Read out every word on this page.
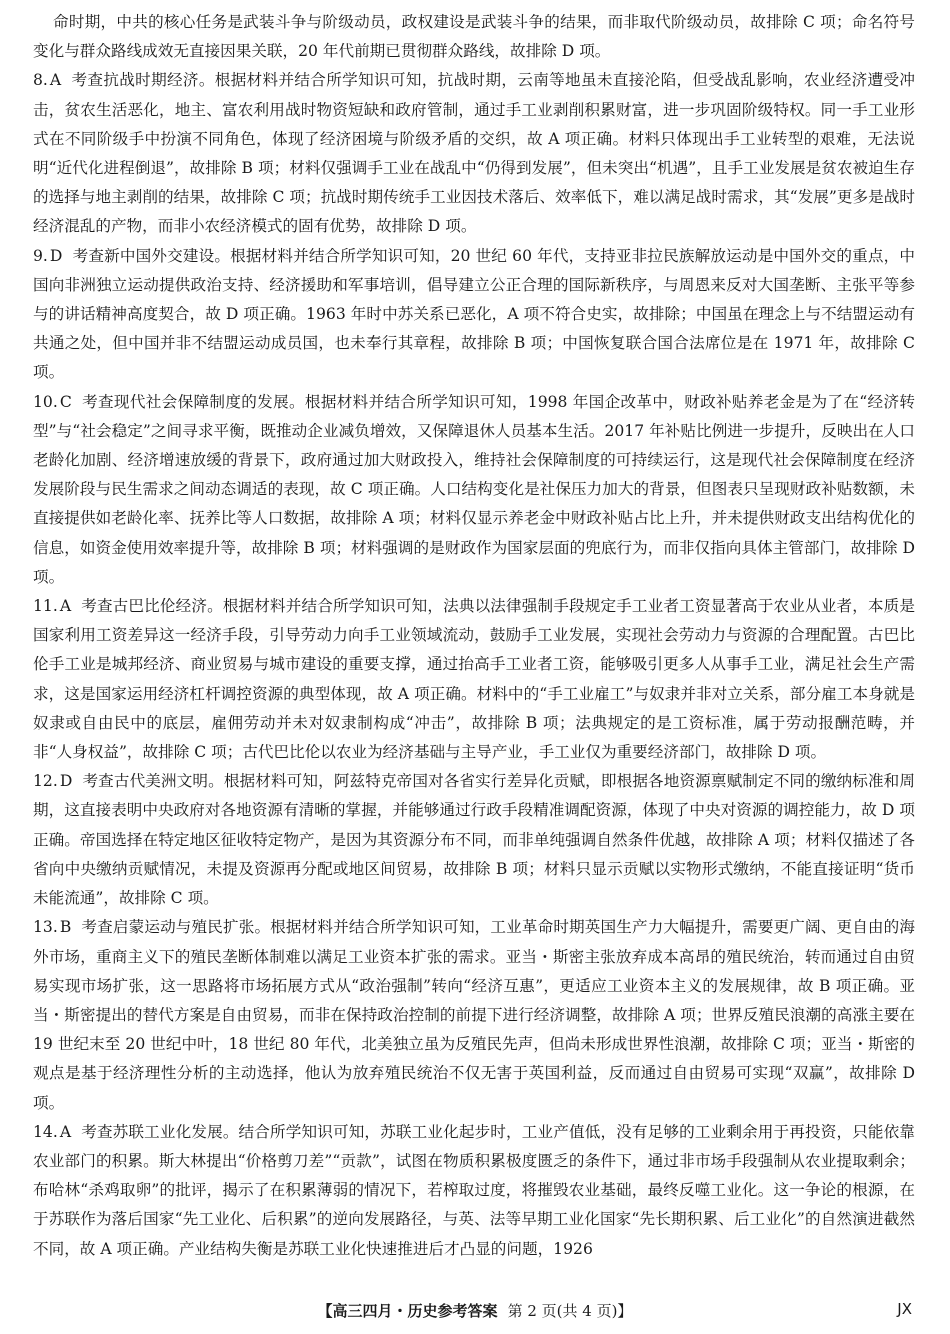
命时期，中共的核心任务是武装斗争与阶级动员，政权建设是武装斗争的结果，而非取代阶级动员，故排除 C 项；命名符号变化与群众路线成效无直接因果关联，20 年代前期已贯彻群众路线，故排除 D 项。

8. A 考查抗战时期经济。根据材料并结合所学知识可知，抗战时期，云南等地虽未直接沦陷，但受战乱影响，农业经济遭受冲击，贫农生活恶化，地主、富农利用战时物资短缺和政府管制，通过手工业剥削积累财富，进一步巩固阶级特权。同一手工业形式在不同阶级手中扮演不同角色，体现了经济困境与阶级矛盾的交织，故 A 项正确。材料只体现出手工业转型的艰难，无法说明“近代化进程倒退”，故排除 B 项；材料仅强调手工业在战乱中“仍得到发展”，但未突出“机遇”，且手工业发展是贫农被迫生存的选择与地主剥削的结果，故排除 C 项；抗战时期传统手工业因技术落后、效率低下，难以满足战时需求，其“发展”更多是战时经济混乱的产物，而非小农经济模式的固有优势，故排除 D 项。

9. D 考查新中国外交建设。根据材料并结合所学知识可知，20 世纪 60 年代，支持亚非拉民族解放运动是中国外交的重点，中国向非洲独立运动提供政治支持、经济援助和军事培训，倡导建立公正合理的国际新秩序，与周恩来反对大国垄断、主张平等参与的讲话精神高度契合，故 D 项正确。1963 年时中苏关系已恶化，A 项不符合史实，故排除；中国虽在理念上与不结盟运动有共通之处，但中国并非不结盟运动成员国，也未奉行其章程，故排除 B 项；中国恢复联合国合法席位是在 1971 年，故排除 C 项。

10. C 考查现代社会保障制度的发展。根据材料并结合所学知识可知，1998 年国企改革中，财政补贴养老金是为了在“经济转型”与“社会稳定”之间寻求平衡，既推动企业减负增效，又保障退休人员基本生活。2017 年补贴比例进一步提升，反映出在人口老龄化加剧、经济增速放缓的背景下，政府通过加大财政投入，维持社会保障制度的可持续运行，这是现代社会保障制度在经济发展阶段与民生需求之间动态调适的表现，故 C 项正确。人口结构变化是社保压力加大的背景，但图表只呈现财政补贴数额，未直接提供如老龄化率、抚养比等人口数据，故排除 A 项；材料仅显示养老金中财政补贴占比上升，并未提供财政支出结构优化的信息，如资金使用效率提升等，故排除 B 项；材料强调的是财政作为国家层面的兜底行为，而非仅指向具体主管部门，故排除 D 项。

11. A 考查古巴比伦经济。根据材料并结合所学知识可知，法典以法律强制手段规定手工业者工资显著高于农业从业者，本质是国家利用工资差异这一经济手段，引导劳动力向手工业领域流动，鼓励手工业发展，实现社会劳动力与资源的合理配置。古巴比伦手工业是城邦经济、商业贸易与城市建设的重要支撑，通过抬高手工业者工资，能够吸引更多人从事手工业，满足社会生产需求，这是国家运用经济杠杆调控资源的典型体现，故 A 项正确。材料中的“手工业雇工”与奴隶并非对立关系，部分雇工本身就是奴隶或自由民中的底层，雇佣劳动并未对奴隶制构成“冲击”，故排除 B 项；法典规定的是工资标准，属于劳动报酬范畴，并非“人身权益”，故排除 C 项；古代巴比伦以农业为经济基础与主导产业，手工业仅为重要经济部门，故排除 D 项。

12. D 考查古代美洲文明。根据材料可知，阿兹特克帝国对各省实行差异化贡赋，即根据各地资源禀赋制定不同的缴纳标准和周期，这直接表明中央政府对各地资源有清晰的掌握，并能够通过行政手段精准调配资源，体现了中央对资源的调控能力，故 D 项正确。帝国选择在特定地区征收特定物产，是因为其资源分布不同，而非单纯强调自然条件优越，故排除 A 项；材料仅描述了各省向中央缴纳贡赋情况，未提及资源再分配或地区间贸易，故排除 B 项；材料只显示贡赋以实物形式缴纳，不能直接证明“货币未能流通”，故排除 C 项。

13. B 考查启蒙运动与殖民扩张。根据材料并结合所学知识可知，工业革命时期英国生产力大幅提升，需要更广阔、更自由的海外市场，重商主义下的殖民垄断体制难以满足工业资本扩张的需求。亚当・斯密主张放弃成本高昂的殖民统治，转而通过自由贸易实现市场扩张，这一思路将市场拓展方式从“政治强制”转向“经济互惠”，更适应工业资本主义的发展规律，故 B 项正确。亚当・斯密提出的替代方案是自由贸易，而非在保持政治控制的前提下进行经济调整，故排除 A 项；世界反殖民浪潮的高涨主要在 19 世纪末至 20 世纪中叶，18 世纪 80 年代，北美独立虽为反殖民先声，但尚未形成世界性浪潮，故排除 C 项；亚当・斯密的观点是基于经济理性分析的主动选择，他认为放弃殖民统治不仅无害于英国利益，反而通过自由贸易可实现“双赢”，故排除 D 项。

14. A 考查苏联工业化发展。结合所学知识可知，苏联工业化起步时，工业产值低，没有足够的工业剩余用于再投资，只能依靠农业部门的积累。斯大林提出“价格剪刀差”“贡款”，试图在物质积累极度匮乏的条件下，通过非市场手段强制从农业提取剩余；布哈林“杀鸡取卵”的批评，揭示了在积累薄弱的情况下，若榨取过度，将摧毁农业基础，最终反噬工业化。这一争论的根源，在于苏联作为落后国家“先工业化、后积累”的逆向发展路径，与英、法等早期工业化国家“先长期积累、后工业化”的自然演进截然不同，故 A 项正确。产业结构失衡是苏联工业化快速推进后才凸显的问题，1926

【高三四月・历史参考答案 第 2 页(共 4 页)】	JX
